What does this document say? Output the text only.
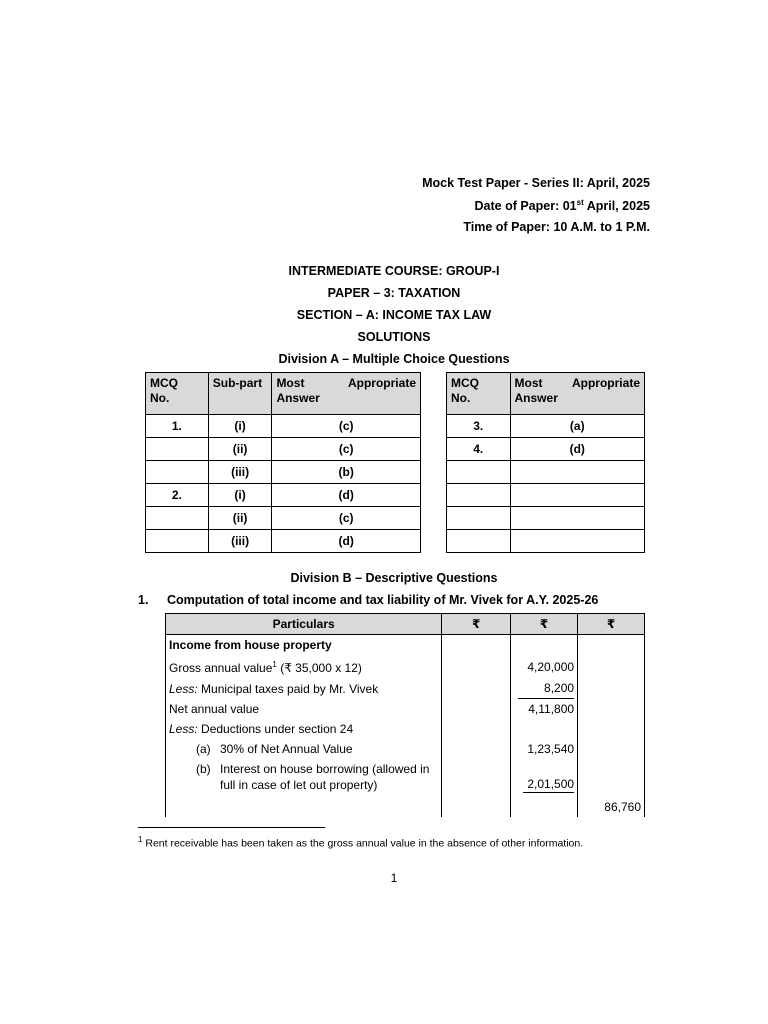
Mock Test Paper - Series II: April, 2025
Date of Paper: 01st April, 2025
Time of Paper: 10 A.M. to 1 P.M.
INTERMEDIATE COURSE: GROUP-I
PAPER – 3: TAXATION
SECTION – A: INCOME TAX LAW
SOLUTIONS
Division A – Multiple Choice Questions
MCQ
No.	Sub-part	Most Appropriate
Answer
1.	(i)	(c)
	(ii)	(c)
	(iii)	(b)
2.	(i)	(d)
	(ii)	(c)
	(iii)	(d)
MCQ
No.	Most Appropriate
Answer
3.	(a)
4.	(d)

Division B – Descriptive Questions
1. Computation of total income and tax liability of Mr. Vivek for A.Y. 2025-26
Particulars	₹	₹	₹
Income from house property			
Gross annual value$^1$ (₹ 35,000 x 12)		4,20,000	
Less: Municipal taxes paid by Mr. Vivek		8,200	
Net annual value		4,11,800	
Less: Deductions under section 24			
(a) 30% of Net Annual Value		1,23,540	

(b) Interest on house borrowing (allowed in
full in case of let out property)		2,01,500	
			86,760
$^1$ Rent receivable has been taken as the gross annual value in the absence of other information.
1
